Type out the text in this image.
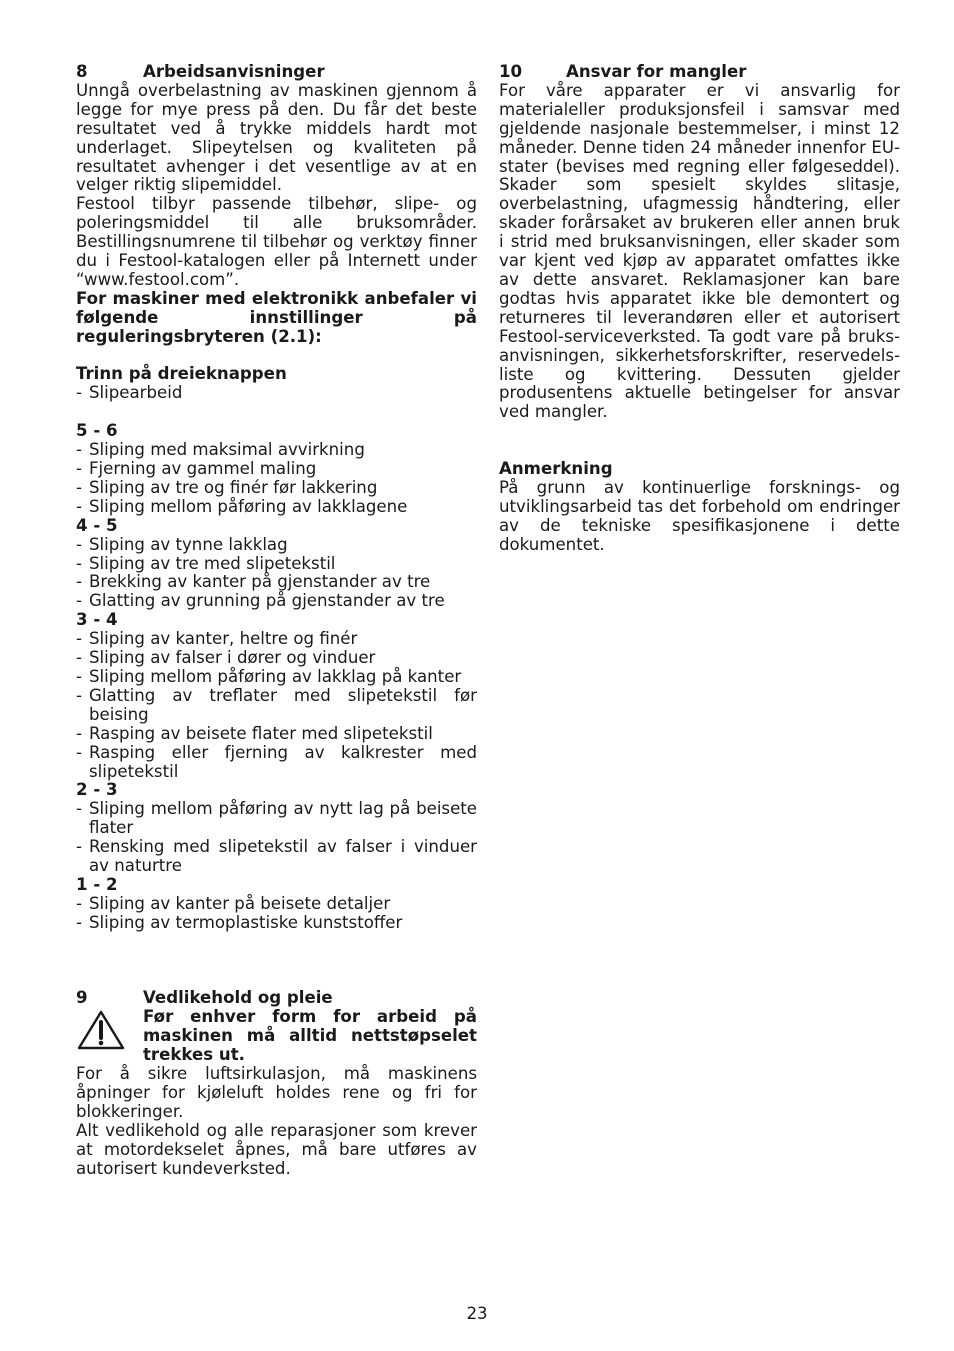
8	Arbeidsanvisninger

Unngå overbelastning av maskinen gjennom å legge for mye press på den. Du får det beste resultatet ved å trykke middels hardt mot underlaget. Slipeytelsen og kvaliteten på resultatet avhenger i det vesentlige av at en velger riktig slipemiddel.

Festool tilbyr passende tilbehør, slipe- og poleringsmiddel til alle bruksområder. Bestillingsnumrene til tilbehør og verktøy finner du i Festool-katalogen eller på Internett under “www.festool.com”.

For maskiner med elektronikk anbefaler vi følgende innstillinger på reguleringsbryteren (2.1):

Trinn på dreieknappen

- Slipearbeid

5 - 6

- Sliping med maksimal avvirkning
- Fjerning av gammel maling
- Sliping av tre og finér før lakkering
- Sliping mellom påføring av lakklagene

4 - 5

- Sliping av tynne lakklag
- Sliping av tre med slipetekstil
- Brekking av kanter på gjenstander av tre
- Glatting av grunning på gjenstander av tre

3 - 4

- Sliping av kanter, heltre og finér
- Sliping av falser i dører og vinduer
- Sliping mellom påføring av lakklag på kanter
- Glatting av treflater med slipetekstil før beising
- Rasping av beisete flater med slipetekstil
- Rasping eller fjerning av kalkrester med slipetekstil

2 - 3

- Sliping mellom påføring av nytt lag på beisete flater
- Rensking med slipetekstil av falser i vinduer av naturtre

1 - 2

- Sliping av kanter på beisete detaljer
- Sliping av termoplastiske kunststoffer
9	Vedlikehold og pleie
Før enhver form for arbeid på maskinen må alltid nettstøpselet trekkes ut.

For å sikre luftsirkulasjon, må maskinens åpninger for kjøleluft holdes rene og fri for blokkeringer.

Alt vedlikehold og alle reparasjoner som krever at motordekselet åpnes, må bare utføres av autorisert kundeverksted.

10	Ansvar for mangler

For våre apparater er vi ansvarlig for materialeller produksjonsfeil i samsvar med gjeldende nasjonale bestemmelser, i minst 12 måneder. Denne tiden 24 måneder innenfor EU-stater (bevises med regning eller følgeseddel). Skader som spesielt skyldes slitasje, overbelastning, ufagmessig håndtering, eller skader forårsaket av brukeren eller annen bruk i strid med bruksanvisningen, eller skader som var kjent ved kjøp av apparatet omfattes ikke av dette ansvaret. Reklamasjoner kan bare godtas hvis apparatet ikke ble demontert og returneres til leverandøren eller et autorisert Festool-serviceverksted. Ta godt vare på bruks-anvisningen, sikkerhetsforskrifter, reservedels-liste og kvittering. Dessuten gjelder produsentens aktuelle betingelser for ansvar ved mangler.

Anmerkning

På grunn av kontinuerlige forsknings- og utviklingsarbeid tas det forbehold om endringer av de tekniske spesifikasjonene i dette dokumentet.

23
